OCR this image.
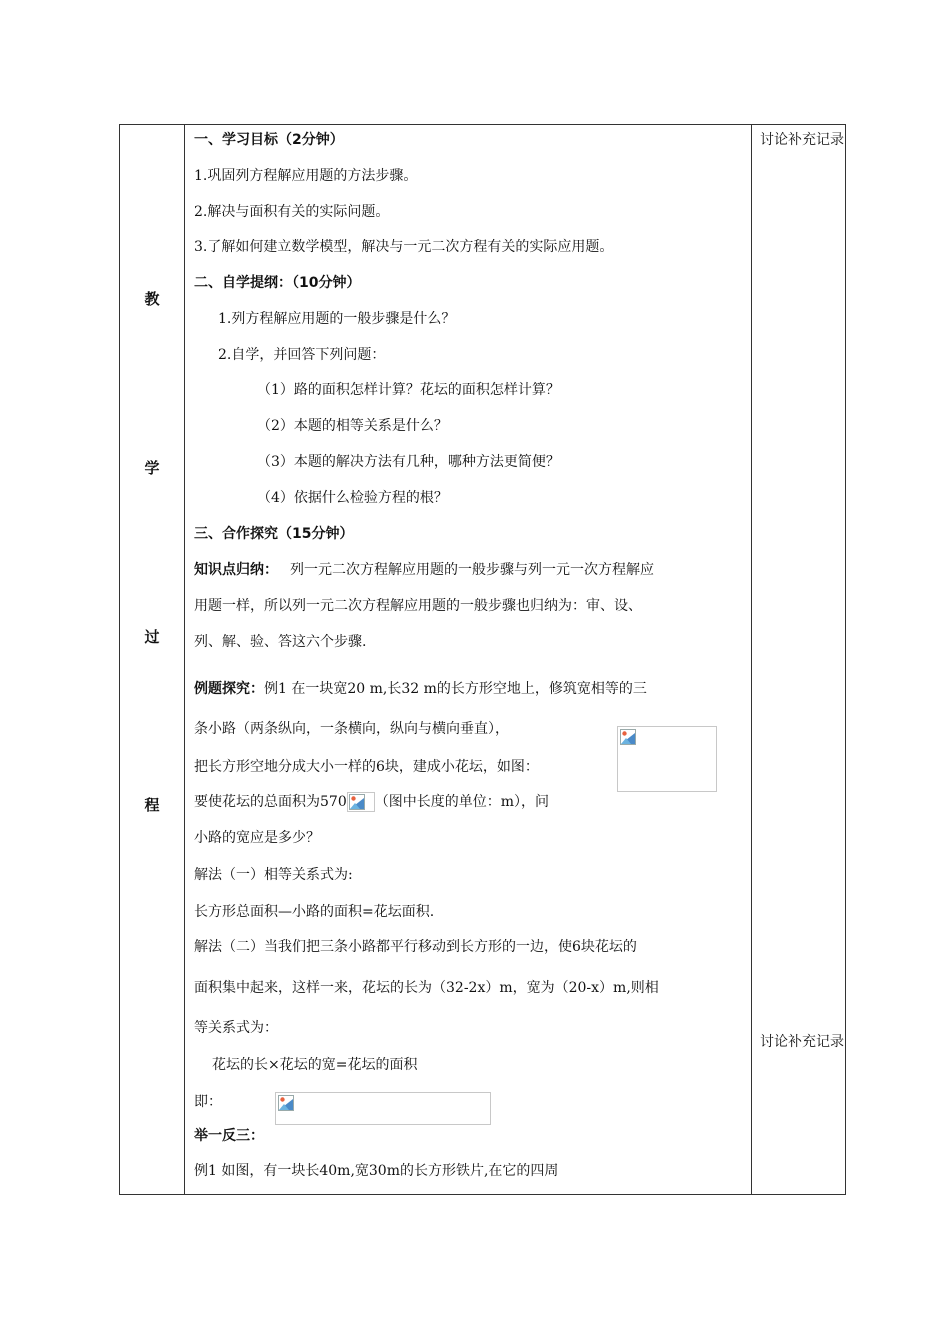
教
学
过
程
讨论补充记录
讨论补充记录
一、学习目标（2分钟）
1.巩固列方程解应用题的方法步骤。
2.解决与面积有关的实际问题。
3.了解如何建立数学模型，解决与一元二次方程有关的实际应用题。
二、自学提纲：（10分钟）
1.列方程解应用题的一般步骤是什么？
2.自学，并回答下列问题：
（1）路的面积怎样计算？花坛的面积怎样计算？
（2）本题的相等关系是什么？
（3）本题的解决方法有几种，哪种方法更简便？
（4）依据什么检验方程的根？
三、合作探究（15分钟）
知识点归纳： 列一元二次方程解应用题的一般步骤与列一元一次方程解应
用题一样，所以列一元二次方程解应用题的一般步骤也归纳为：审、设、
列、解、验、答这六个步骤.
例题探究：例1 在一块宽20 m,长32 m的长方形空地上，修筑宽相等的三
条小路（两条纵向，一条横向，纵向与横向垂直），
把长方形空地分成大小一样的6块，建成小花坛，如图：
要使花坛的总面积为570 （图中长度的单位：m），问
小路的宽应是多少？
解法（一）相等关系式为:
长方形总面积—小路的面积=花坛面积.
解法（二）当我们把三条小路都平行移动到长方形的一边，使6块花坛的
面积集中起来，这样一来，花坛的长为（32-2x）m，宽为（20-x）m,则相
等关系式为：
花坛的长×花坛的宽=花坛的面积
即：
举一反三：
例1 如图，有一块长40m,宽30m的长方形铁片,在它的四周
